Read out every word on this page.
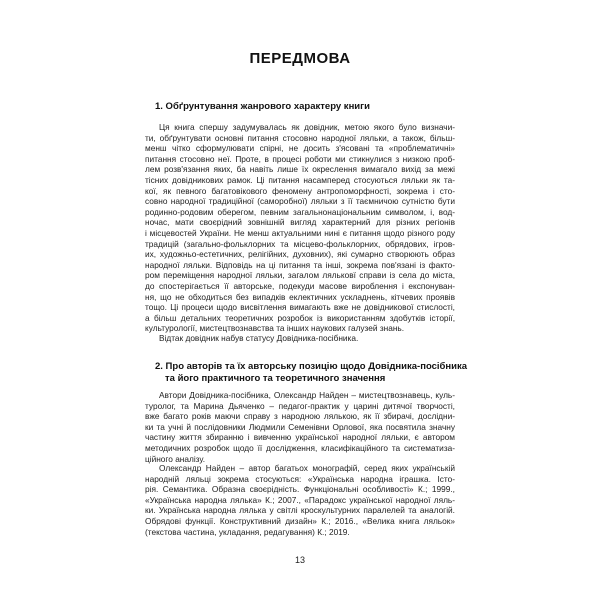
ПЕРЕДМОВА
1. Обґрунтування жанрового характеру книги
Ця книга спершу задумувалась як довідник, метою якого було визначи-
ти, обґрунтувати основні питання стосовно народної ляльки, а також, більш-
менш чітко сформулювати спірні, не досить з'ясовані та «проблематичні»
питання стосовно неї. Проте, в процесі роботи ми стикнулися з низкою проб-
лем розв'язання яких, ба навіть лише їх окреслення вимагало вихід за межі
тісних довідникових рамок. Ці питання насамперед стосуються ляльки як та-
кої, як певного багатовікового феномену антропоморфності, зокрема і сто-
совно народної традиційної (саморобної) ляльки з її таємничою сутністю бути
родинно-родовим оберегом, певним загальнонаціональним символом, і, вод-
ночас, мати своєрідний зовнішній вигляд характерний для різних регіонів
і місцевостей України. Не менш актуальними нині є питання щодо різного роду
традицій (загально-фольклорних та місцево-фольклорних, обрядових, ігров-
их, художньо-естетичних, релігійних, духовних), які сумарно створюють образ
народної ляльки. Відповідь на ці питання та інші, зокрема пов'язані із факто-
ром переміщення народної ляльки, загалом ляльковї справи із села до міста,
до спостерігається її авторське, подекуди масове вироблення і експонуван-
ня, що не обходиться без випадків еклектичних ускладнень, кітчевих проявів
тощо. Ці процеси щодо висвітлення вимагають вже не довідникової стислості,
а більш детальних теоретичних розробок із використанням здобутків історії,
культурології, мистецтвознавства та інших наукових галузей знань.
Відтак довідник набув статусу Довідника-посібника.
2. Про авторів та їх авторську позицію щодо Довідника-посібника
та його практичного та теоретичного значення
Автори Довідника-посібника, Олександр Найден – мистецтвознавець, куль-
туролог, та Марина Дьяченко – педагог-практик у царині дитячої творчості,
вже багато років маючи справу з народною лялькою, як її збирачі, дослідни-
ки та учні й послідовники Людмили Семенівни Орлової, яка посвятила значну
частину життя збиранню і вивченню української народної ляльки, є автором
методичних розробок щодо її дослідження, класифікаційного та систематиза-
ційного аналізу.
Олександр Найден – автор багатьох монографій, серед яких українській
народній ляльці зокрема стосуються: «Українська народна іграшка. Істо-
рія. Семантика. Образна своєрідність. Функціональні особливості» К.; 1999.,
«Українська народна лялька» К.; 2007., «Парадокс української народної ляль-
ки. Українська народна лялька у світлі кроскультурних паралелей та аналогій.
Обрядові функції. Конструктивний дизайн» К.; 2016., «Велика книга ляльок»
(текстова частина, укладання, редагування) К.; 2019.
13
